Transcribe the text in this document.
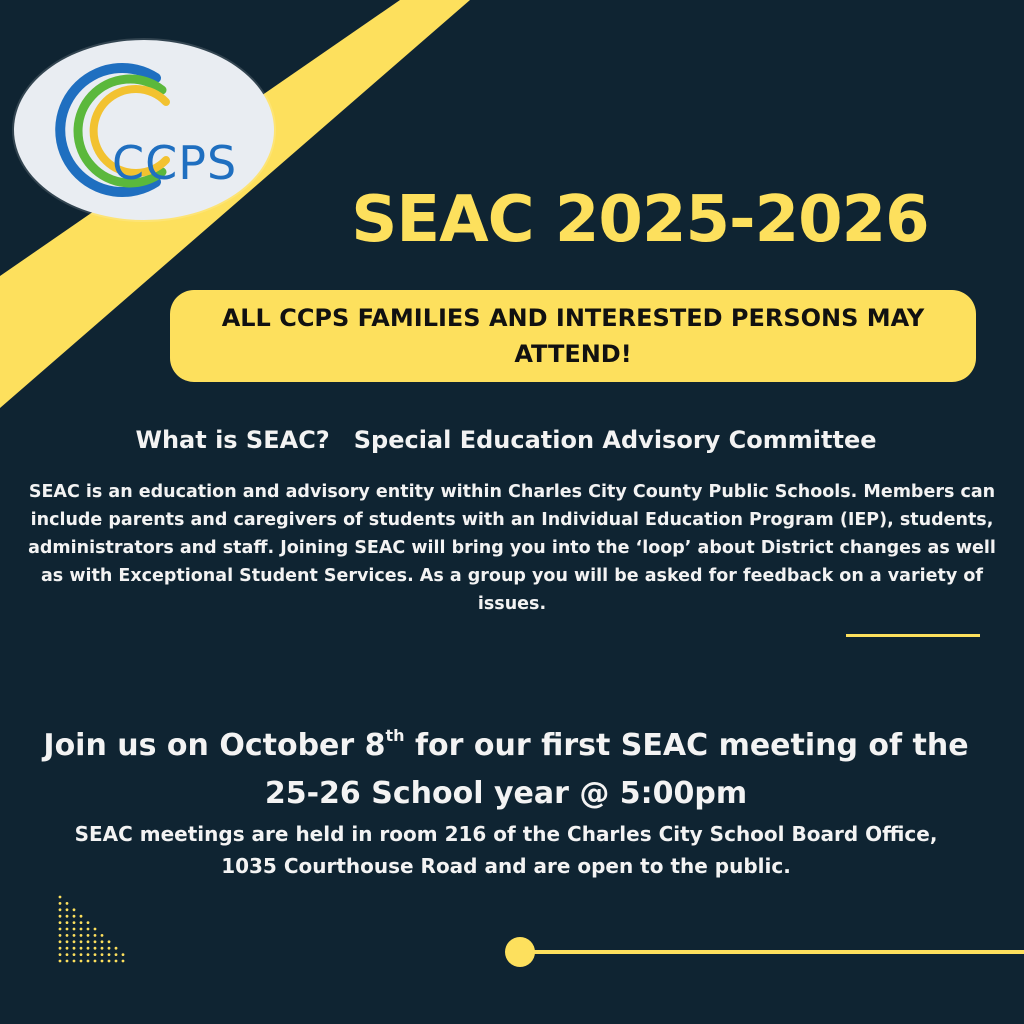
CCPS
SEAC 2025-2026
ALL CCPS FAMILIES AND INTERESTED PERSONS MAY ATTEND!
What is SEAC? Special Education Advisory Committee
SEAC is an education and advisory entity within Charles City County Public Schools. Members can include parents and caregivers of students with an Individual Education Program (IEP), students, administrators and staff. Joining SEAC will bring you into the ‘loop’ about District changes as well as with Exceptional Student Services. As a group you will be asked for feedback on a variety of issues.
Join us on October 8th for our first SEAC meeting of the
25-26 School year @ 5:00pm
SEAC meetings are held in room 216 of the Charles City School Board Office,
1035 Courthouse Road and are open to the public.
